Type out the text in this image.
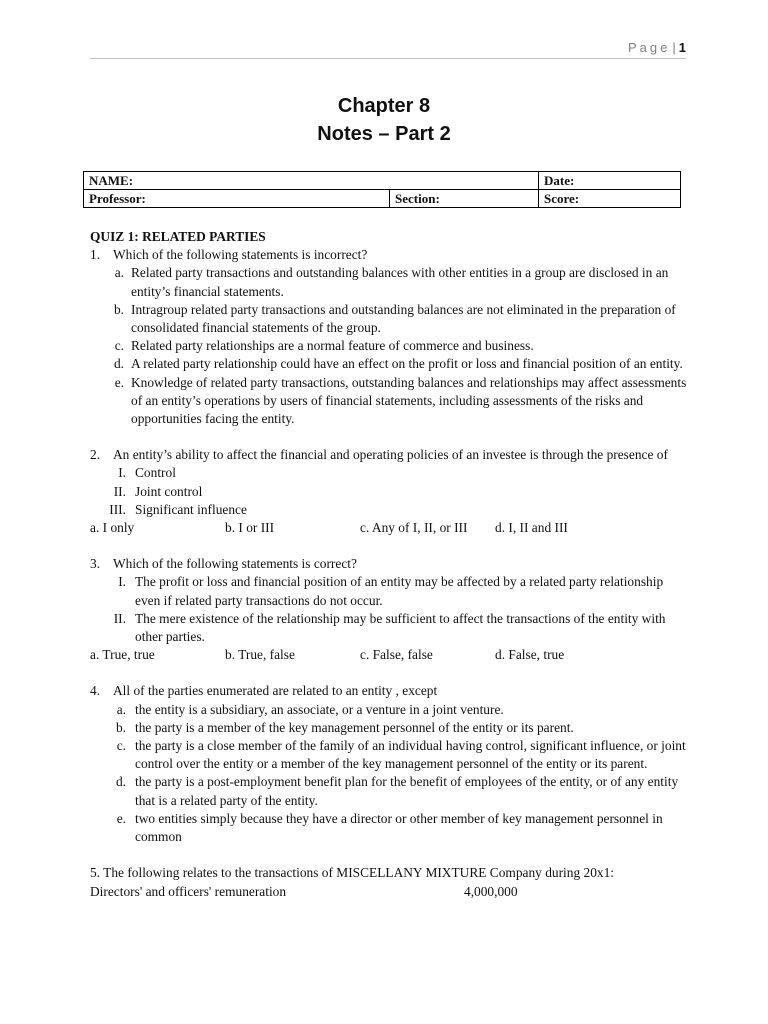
Page | 1
Chapter 8
Notes – Part 2
NAME:		Date:
Professor:	Section:	Score:
QUIZ 1: RELATED PARTIES
1. Which of the following statements is incorrect?
a. Related party transactions and outstanding balances with other entities in a group are disclosed in an entity’s financial statements.
b. Intragroup related party transactions and outstanding balances are not eliminated in the preparation of consolidated financial statements of the group.
c. Related party relationships are a normal feature of commerce and business.
d. A related party relationship could have an effect on the profit or loss and financial position of an entity.
e. Knowledge of related party transactions, outstanding balances and relationships may affect assessments of an entity’s operations by users of financial statements, including assessments of the risks and opportunities facing the entity.
2. An entity’s ability to affect the financial and operating policies of an investee is through the presence of
I. Control
II. Joint control
III. Significant influence
a. I only	b. I or III	c. Any of I, II, or III	d. I, II and III
3. Which of the following statements is correct?
I. The profit or loss and financial position of an entity may be affected by a related party relationship even if related party transactions do not occur.
II. The mere existence of the relationship may be sufficient to affect the transactions of the entity with other parties.
a. True, true	b. True, false	c. False, false	d. False, true
4. All of the parties enumerated are related to an entity , except
a. the entity is a subsidiary, an associate, or a venture in a joint venture.
b. the party is a member of the key management personnel of the entity or its parent.
c. the party is a close member of the family of an individual having control, significant influence, or joint control over the entity or a member of the key management personnel of the entity or its parent.
d. the party is a post-employment benefit plan for the benefit of employees of the entity, or of any entity that is a related party of the entity.
e. two entities simply because they have a director or other member of key management personnel in common
5. The following relates to the transactions of MISCELLANY MIXTURE Company during 20x1:
Directors' and officers' remuneration	4,000,000
